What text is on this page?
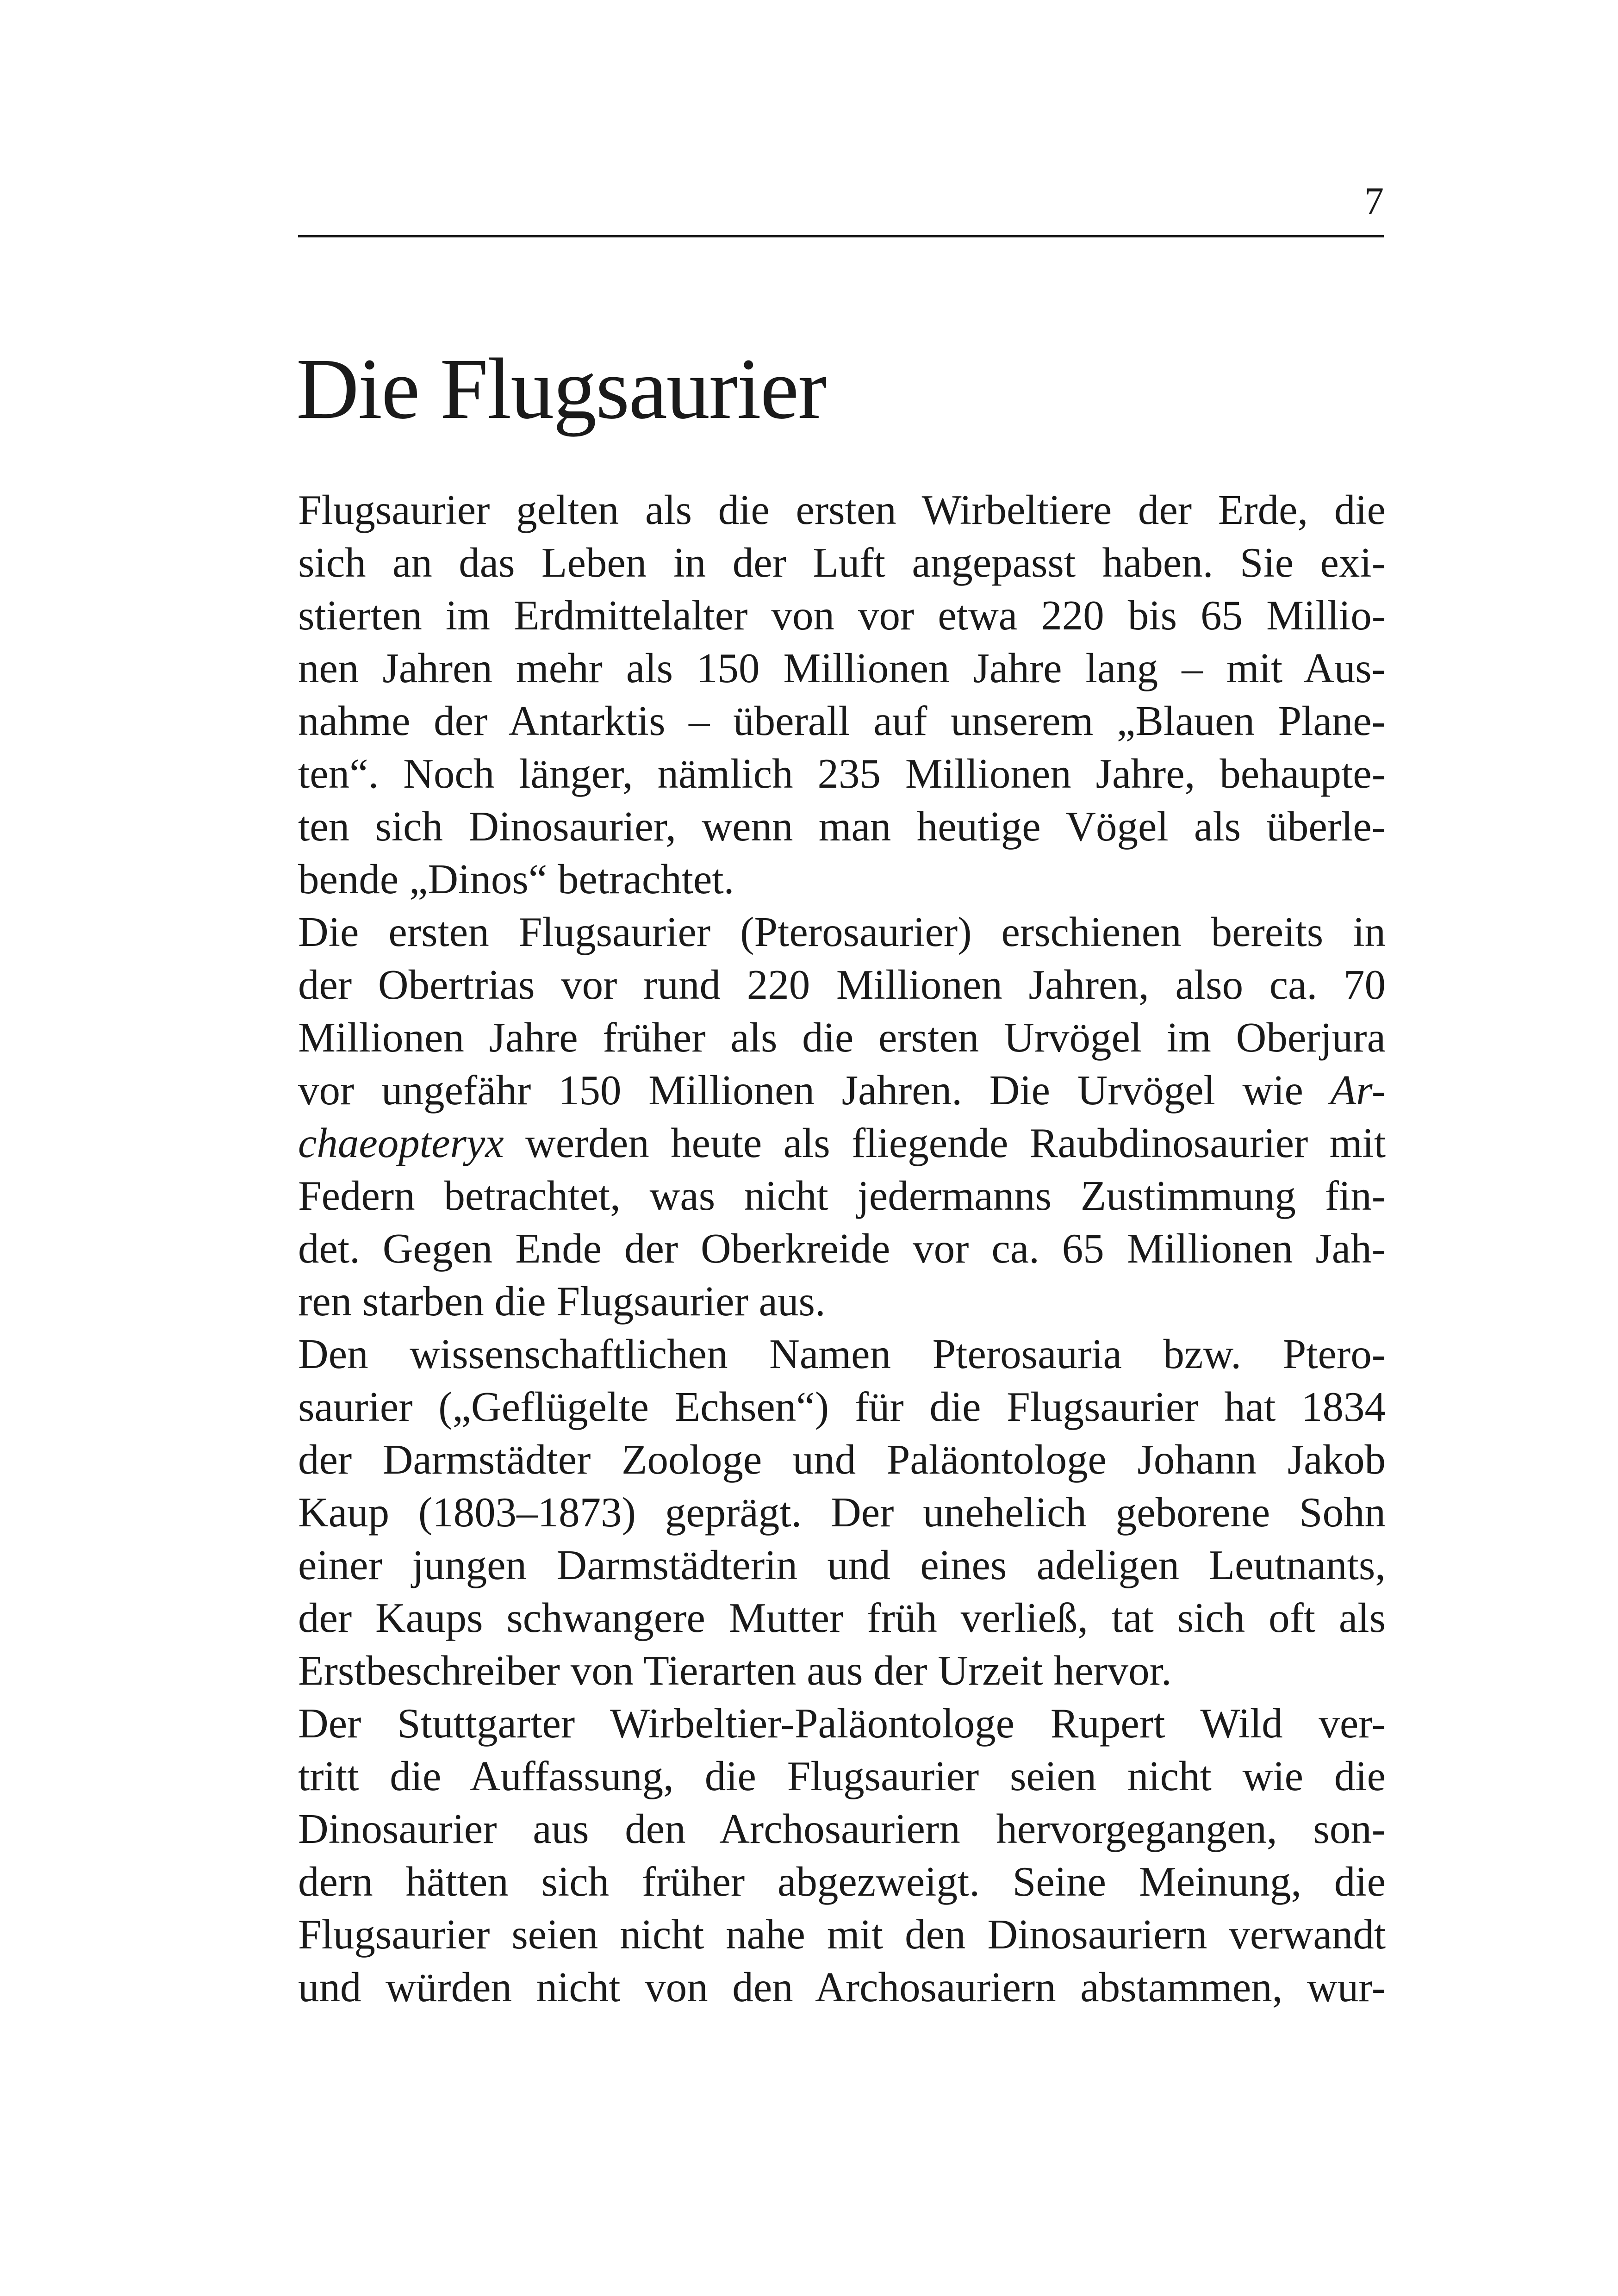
7
Die Flugsaurier
Flugsaurier gelten als die ersten Wirbeltiere der Erde, die
sich an das Leben in der Luft angepasst haben. Sie exi-
stierten im Erdmittelalter von vor etwa 220 bis 65 Millio-
nen Jahren mehr als 150 Millionen Jahre lang – mit Aus-
nahme der Antarktis – überall auf unserem „Blauen Plane-
ten“. Noch länger, nämlich 235 Millionen Jahre, behaupte-
ten sich Dinosaurier, wenn man heutige Vögel als überle-
bende „Dinos“ betrachtet.
Die ersten Flugsaurier (Pterosaurier) erschienen bereits in
der Obertrias vor rund 220 Millionen Jahren, also ca. 70
Millionen Jahre früher als die ersten Urvögel im Oberjura
vor ungefähr 150 Millionen Jahren. Die Urvögel wie Ar-
chaeopteryx werden heute als fliegende Raubdinosaurier mit
Federn betrachtet, was nicht jedermanns Zustimmung fin-
det. Gegen Ende der Oberkreide vor ca. 65 Millionen Jah-
ren starben die Flugsaurier aus.
Den wissenschaftlichen Namen Pterosauria bzw. Ptero-
saurier („Geflügelte Echsen“) für die Flugsaurier hat 1834
der Darmstädter Zoologe und Paläontologe Johann Jakob
Kaup (1803–1873) geprägt. Der unehelich geborene Sohn
einer jungen Darmstädterin und eines adeligen Leutnants,
der Kaups schwangere Mutter früh verließ, tat sich oft als
Erstbeschreiber von Tierarten aus der Urzeit hervor.
Der Stuttgarter Wirbeltier-Paläontologe Rupert Wild ver-
tritt die Auffassung, die Flugsaurier seien nicht wie die
Dinosaurier aus den Archosauriern hervorgegangen, son-
dern hätten sich früher abgezweigt. Seine Meinung, die
Flugsaurier seien nicht nahe mit den Dinosauriern verwandt
und würden nicht von den Archosauriern abstammen, wur-
